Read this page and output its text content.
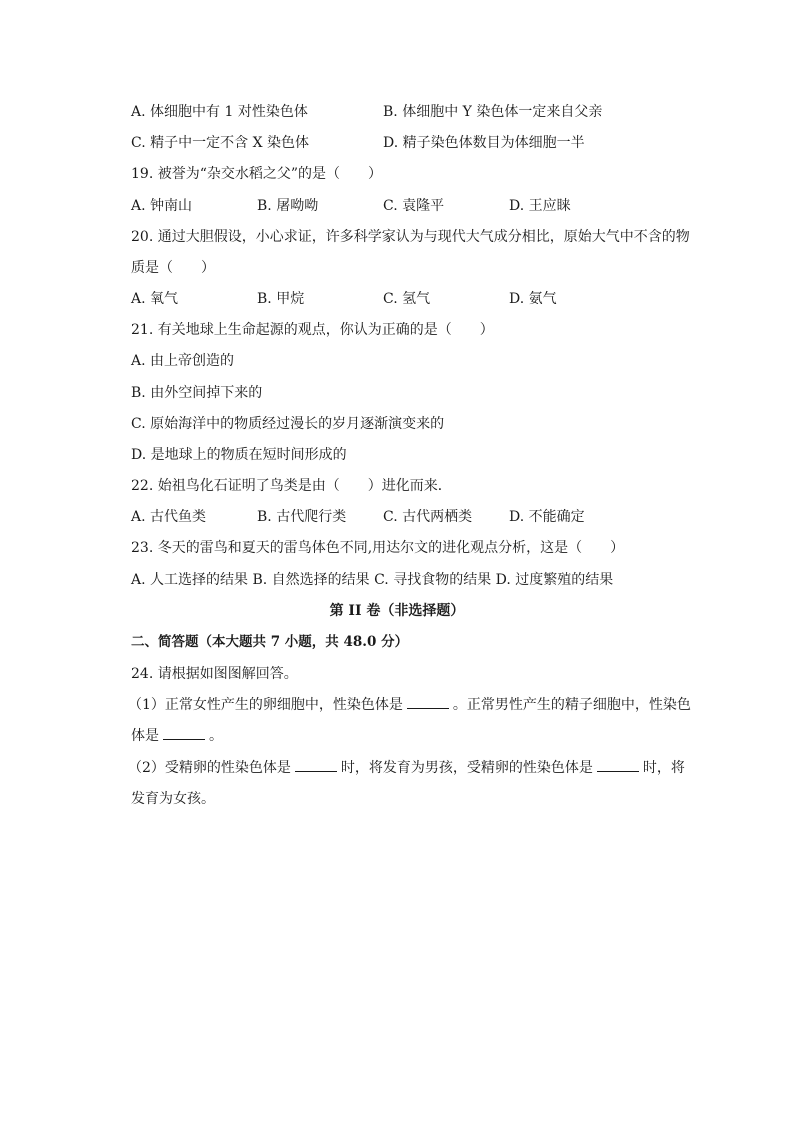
A. 体细胞中有 1 对性染色体	B. 体细胞中 Y 染色体一定来自父亲
C. 精子中一定不含 X 染色体	D. 精子染色体数目为体细胞一半
19. 被誉为“杂交水稻之父”的是（　　）
A. 钟南山	B. 屠呦呦	C. 袁隆平	D. 王应睐
20. 通过大胆假设，小心求证，许多科学家认为与现代大气成分相比，原始大气中不含的物
质是（　　）
A. 氧气	B. 甲烷	C. 氢气	D. 氨气
21. 有关地球上生命起源的观点，你认为正确的是（　　）
A. 由上帝创造的
B. 由外空间掉下来的
C. 原始海洋中的物质经过漫长的岁月逐渐演变来的
D. 是地球上的物质在短时间形成的
22. 始祖鸟化石证明了鸟类是由（　　）进化而来．
A. 古代鱼类	B. 古代爬行类	C. 古代两栖类	D. 不能确定
23. 冬天的雷鸟和夏天的雷鸟体色不同,用达尔文的进化观点分析，这是（　　）
A. 人工选择的结果 B. 自然选择的结果 C. 寻找食物的结果 D. 过度繁殖的结果
第 II 卷（非选择题）
二、简答题（本大题共 7 小题，共 48.0 分）
24. 请根据如图图解回答。
（1）正常女性产生的卵细胞中，性染色体是	。正常男性产生的精子细胞中，性染色
体是	。
（2）受精卵的性染色体是	时，将发育为男孩，受精卵的性染色体是	时，将
发育为女孩。
